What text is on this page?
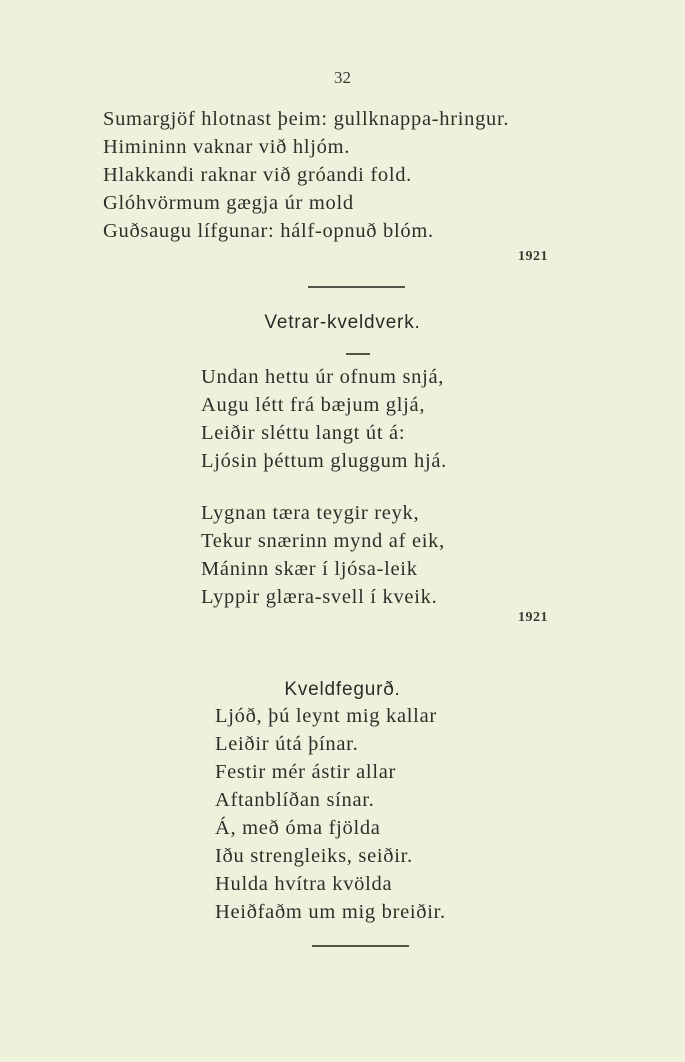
32
Sumargjöf hlotnast þeim: gullknappa-hringur.
Himininn vaknar við hljóm.
Hlakkandi raknar við gróandi fold.
Glóhvörmum gægja úr mold
Guðsaugu lífgunar: hálf-opnuð blóm.
1921
Vetrar-kveldverk.
Undan hettu úr ofnum snjá,
Augu létt frá bæjum gljá,
Leiðir sléttu langt út á:
Ljósin þéttum gluggum hjá.
Lygnan tæra teygir reyk,
Tekur snærinn mynd af eik,
Máninn skær í ljósa-leik
Lyppir glæra-svell í kveik.
1921
Kveldfegurð.
Ljóð, þú leynt mig kallar
Leiðir útá þínar.
Festir mér ástir allar
Aftanblíðan sínar.
Á, með óma fjölda
Iðu strengleiks, seiðir.
Hulda hvítra kvölda
Heiðfaðm um mig breiðir.
